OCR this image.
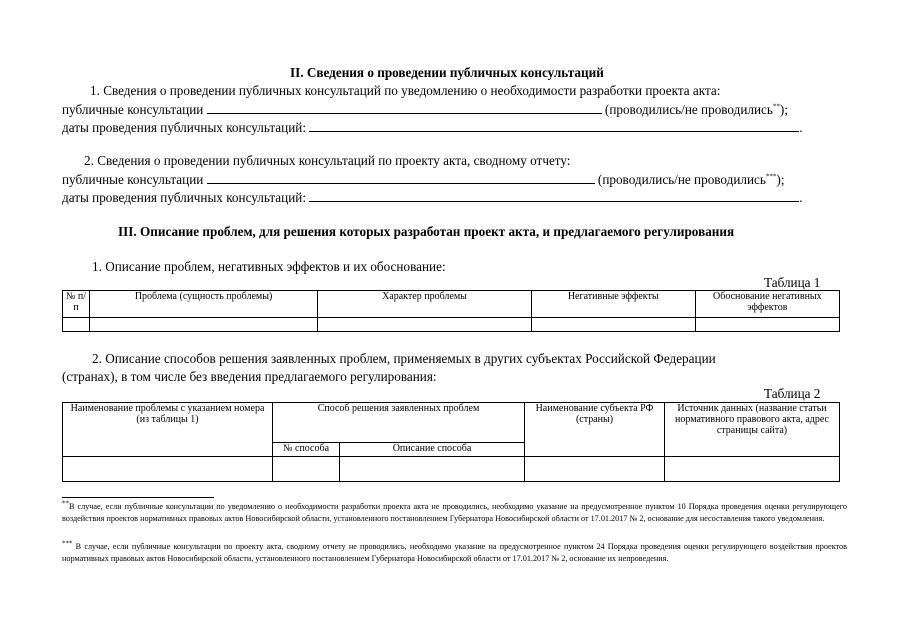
II. Сведения о проведении публичных консультаций
1. Сведения о проведении публичных консультаций по уведомлению о необходимости разработки проекта акта:
публичные консультации	(проводились/не проводились**);
даты проведения публичных консультаций:	.
2. Сведения о проведении публичных консультаций по проекту акта, сводному отчету:
публичные консультации	(проводились/не проводились***);
даты проведения публичных консультаций:	.
III. Описание проблем, для решения которых разработан проект акта, и предлагаемого регулирования
1. Описание проблем, негативных эффектов и их обоснование:
Таблица 1
№ п/п	Проблема (сущность проблемы)	Характер проблемы	Негативные эффекты	Обоснование негативных эффектов

2. Описание способов решения заявленных проблем, применяемых в других субъектах Российской Федерации
(странах), в том числе без введения предлагаемого регулирования:
Таблица 2
Наименование проблемы с указанием номера (из таблицы 1)	Способ решения заявленных проблем		Наименование субъекта РФ (страны)	Источник данных (название статьи нормативного правового акта, адрес страницы сайта)
	№ способа	Описание способа		

**В случае, если публичные консультации по уведомлению о необходимости разработки проекта акта не проводились, необходимо указание на предусмотренное пунктом 10 Порядка проведения оценки регулирующего воздействия проектов нормативных правовых актов Новосибирской области, установленного постановлением Губернатора Новосибирской области от 17.01.2017 № 2, основание для несоставления такого уведомления.
*** В случае, если публичные консультации по проекту акта, сводному отчету не проводились, необходимо указание на предусмотренное пунктом 24 Порядка проведения оценки регулирующего воздействия проектов нормативных правовых актов Новосибирской области, установленного постановлением Губернатора Новосибирской области от 17.01.2017 № 2, основание их непроведения.
